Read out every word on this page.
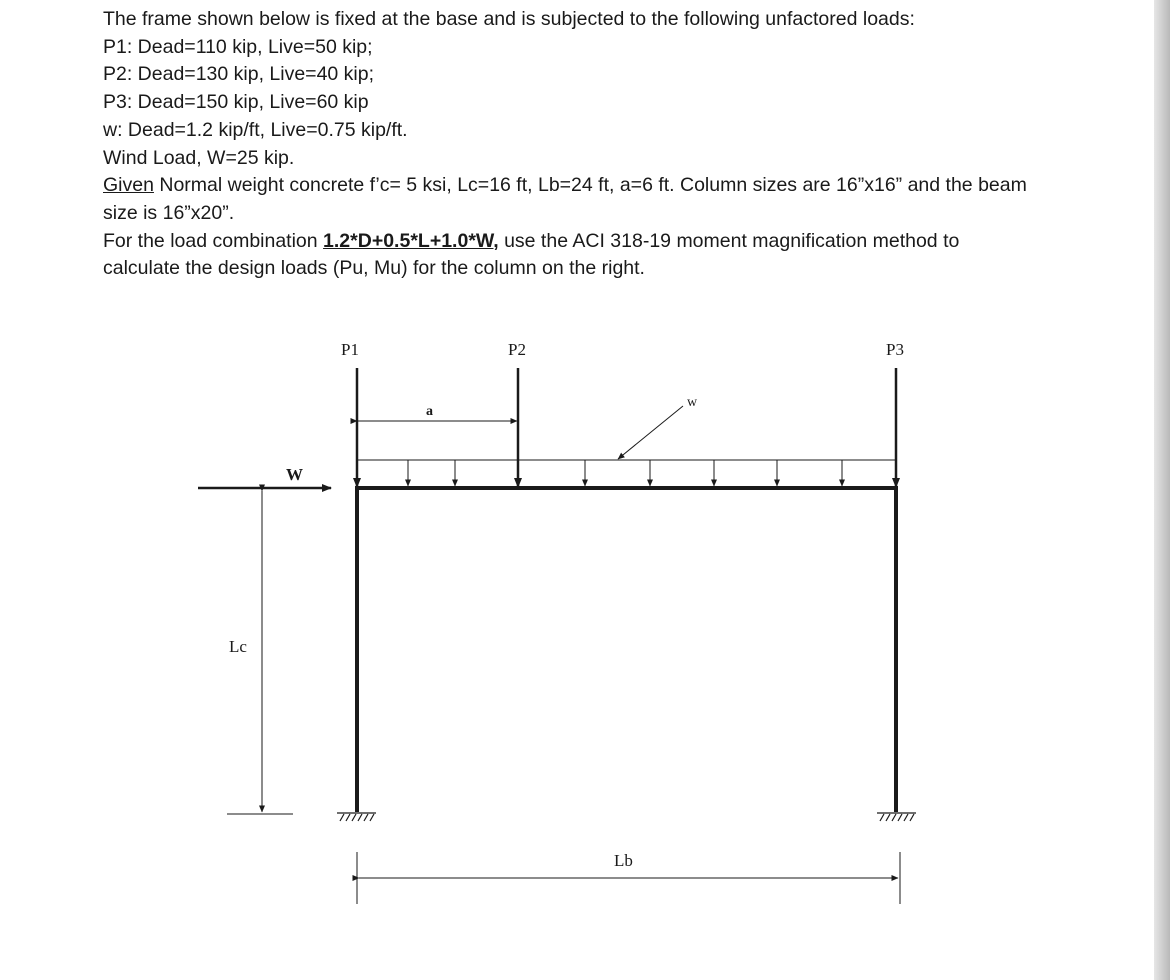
The frame shown below is fixed at the base and is subjected to the following unfactored loads:

P1: Dead=110 kip, Live=50 kip;

P2: Dead=130 kip, Live=40 kip;

P3: Dead=150 kip, Live=60 kip

w: Dead=1.2 kip/ft, Live=0.75 kip/ft.

Wind Load, W=25 kip.

Given Normal weight concrete f’c= 5 ksi, Lc=16 ft, Lb=24 ft, a=6 ft. Column sizes are 16”x16” and the beam

size is 16”x20”.

For the load combination 1.2*D+0.5*L+1.0*W, use the ACI 318-19 moment magnification method to

calculate the design loads (Pu, Mu) for the column on the right.

P1	P2	P3
a
w
W
Lc
Lb
